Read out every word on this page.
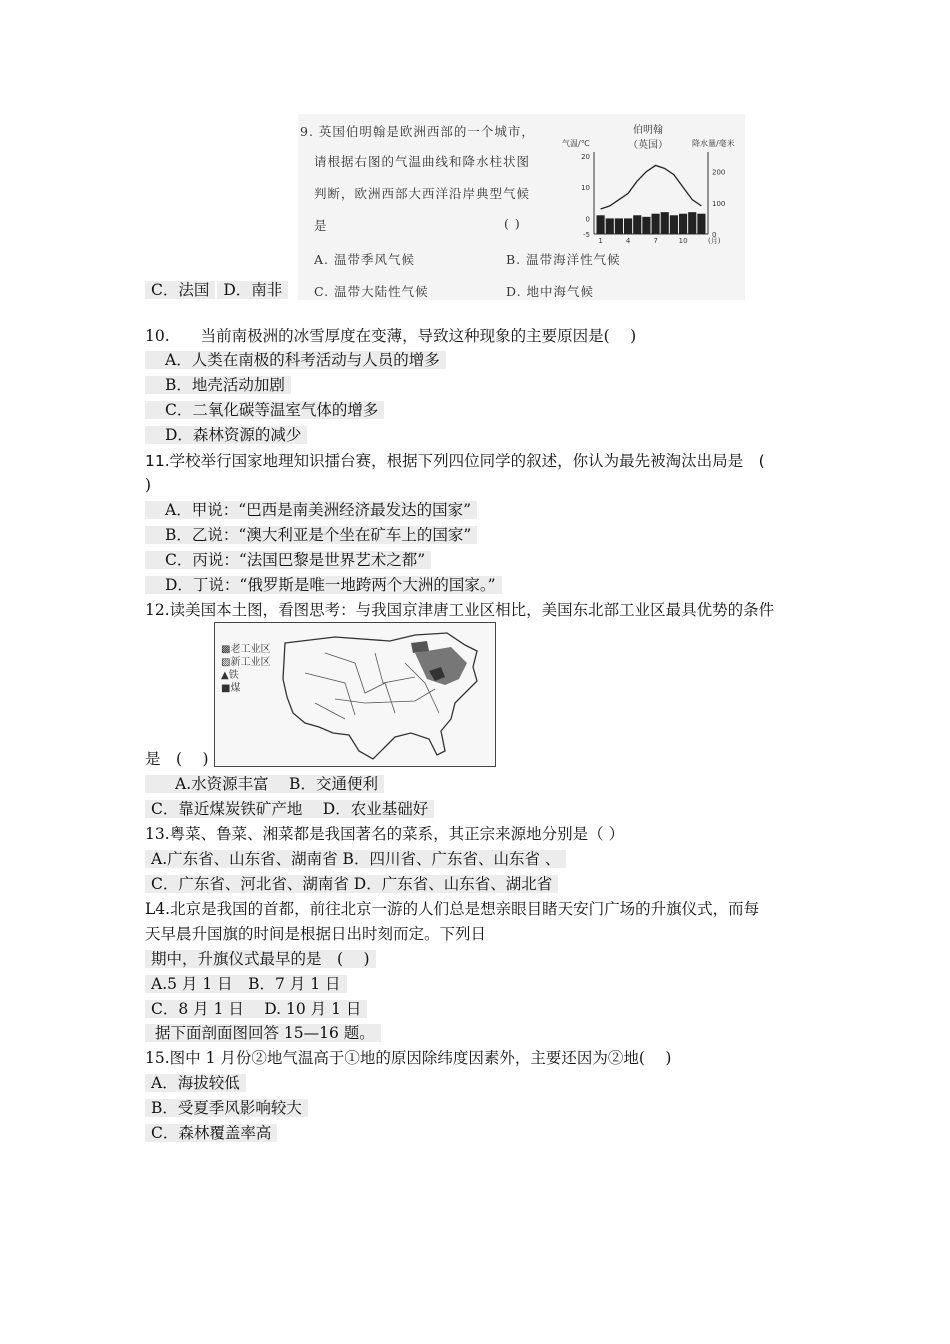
9. 英国伯明翰是欧洲西部的一个城市，
请根据右图的气温曲线和降水柱状图
判断，欧洲西部大西洋沿岸典型气候
是	( )
A. 温带季风气候	B. 温带海洋性气候
C. 温带大陆性气候	D. 地中海气候
伯明翰
（英国）
气温/℃	降水量/毫米
20
10
0
-5
200
100
0
1	4	7	10	(月)
C．法国 D．南非
10.　　当前南极洲的冰雪厚度在变薄，导致这种现象的主要原因是(　 )
A．人类在南极的科考活动与人员的增多
B．地壳活动加剧
C．二氧化碳等温室气体的增多
D．森林资源的减少
11.学校举行国家地理知识擂台赛，根据下列四位同学的叙述，你认为最先被淘汰出局是　(
)
A．甲说：“巴西是南美洲经济最发达的国家”
B．乙说：“澳大利亚是个坐在矿车上的国家”
C．丙说：“法国巴黎是世界艺术之都”
D．丁说：“俄罗斯是唯一地跨两个大洲的国家。”
12.读美国本土图，看图思考：与我国京津唐工业区相比，美国东北部工业区最具优势的条件
▩老工业区
▨新工业区
▲铁
■煤
是　(　 )
A.水资源丰富　 B．交通便利
C．靠近煤炭铁矿产地　 D．农业基础好
13.粤菜、鲁菜、湘菜都是我国著名的菜系，其正宗来源地分别是（ ）
A.广东省、山东省、湖南省 B．四川省、广东省、山东省 、
C．广东省、河北省、湖南省 D．广东省、山东省、湖北省
L4.北京是我国的首都，前往北京一游的人们总是想亲眼目睹天安门广场的升旗仪式，而每
天早晨升国旗的时间是根据日出时刻而定。下列日
期中，升旗仪式最早的是　(　 )
A.5 月 1 日　B．7 月 1 日
C．8 月 1 日　 D. 10 月 1 日
据下面剖面图回答 15—16 题。
15.图中 1 月份②地气温高于①地的原因除纬度因素外，主要还因为②地(　 )
A．海拔较低
B．受夏季风影响较大
C．森林覆盖率高
